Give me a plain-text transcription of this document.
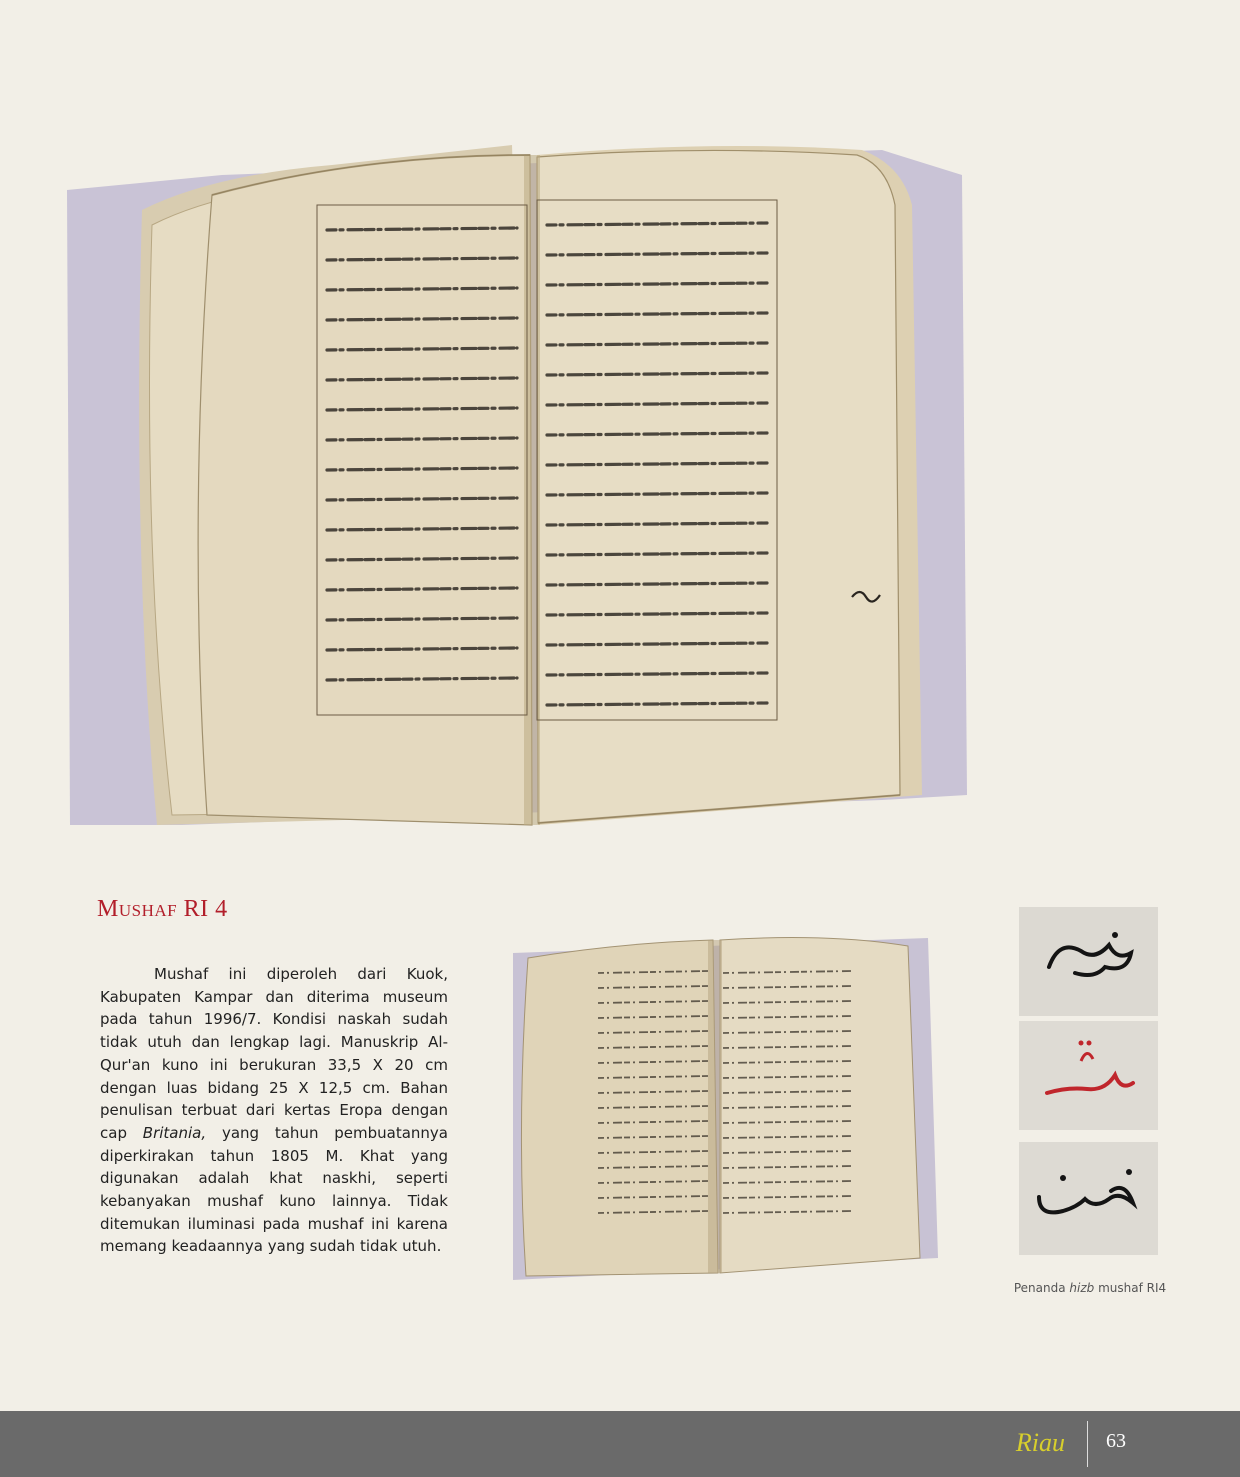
Mushaf RI 4

Mushaf ini diperoleh dari Kuok, Kabupaten Kampar dan diterima museum pada tahun 1996/7. Kondisi naskah sudah tidak utuh dan lengkap lagi. Manuskrip Al-Qur'an kuno ini berukuran 33,5 X 20 cm dengan luas bidang 25 X 12,5 cm. Bahan penulisan terbuat dari kertas Eropa dengan cap Britania, yang tahun pembuatannya diperkirakan tahun 1805 M. Khat yang digunakan adalah khat naskhi, seperti kebanyakan mushaf kuno lainnya. Tidak ditemukan iluminasi pada mushaf ini karena memang keadaannya yang sudah tidak utuh.

Penanda hizb mushaf RI4
Riau 63
